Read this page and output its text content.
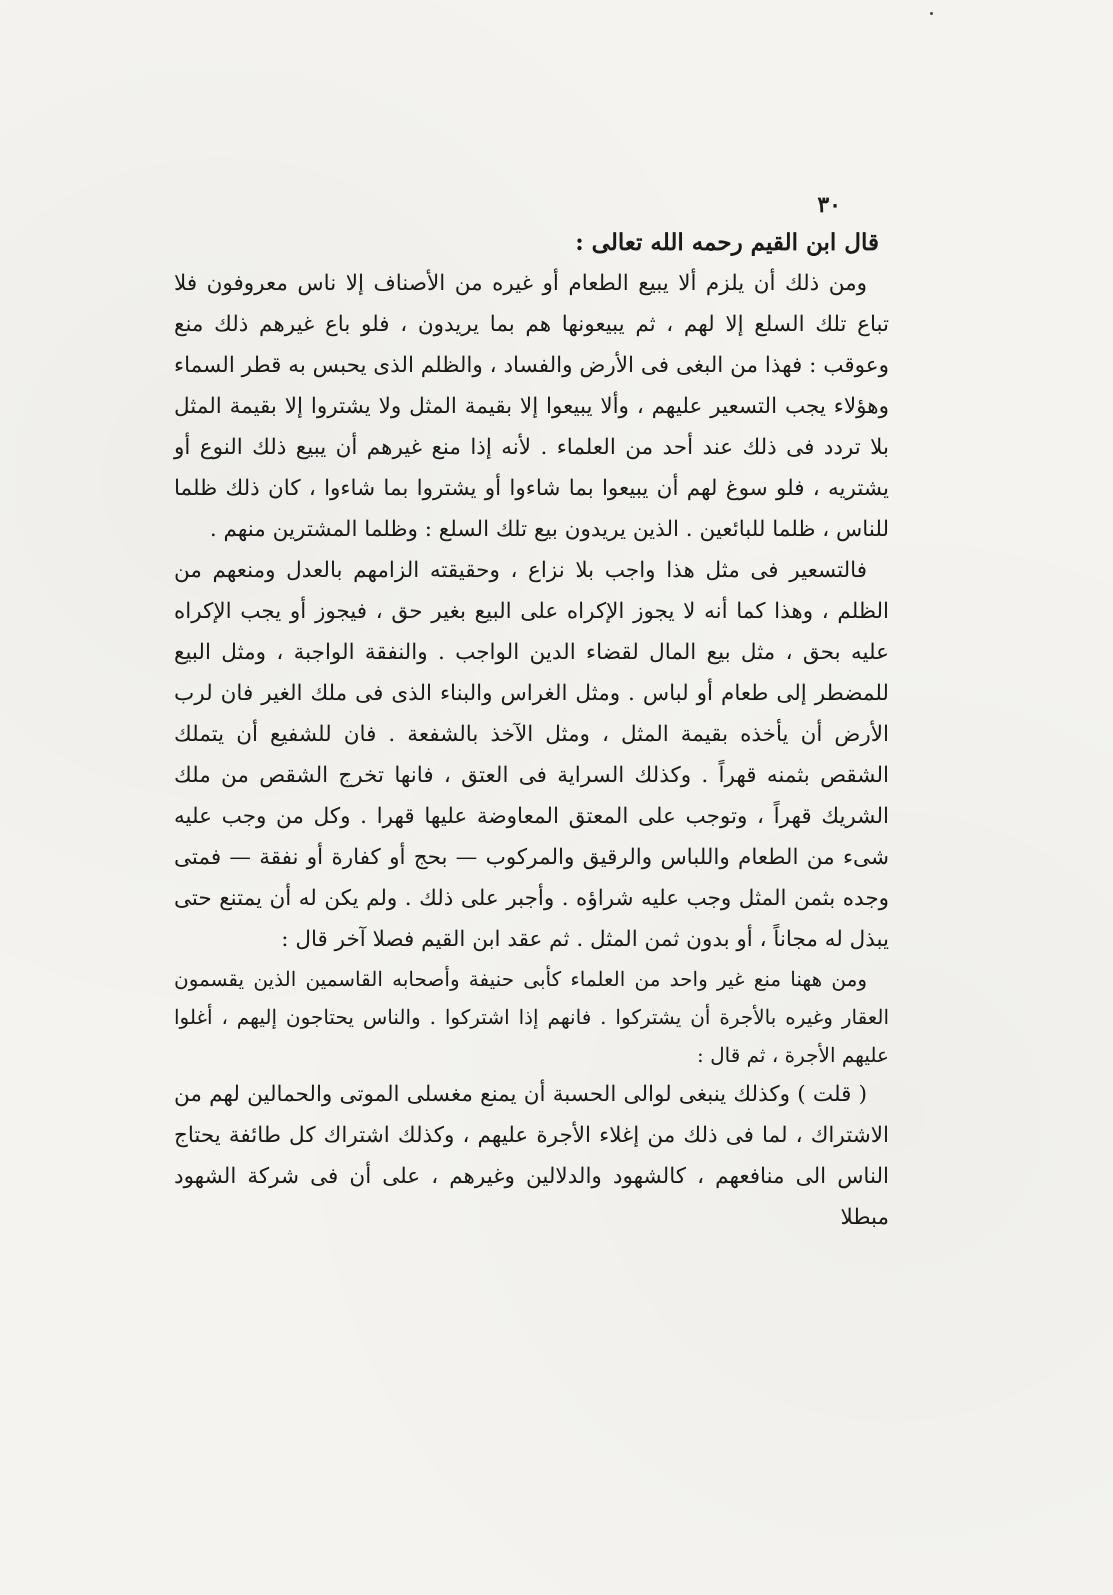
٣٠

قال ابن القيم رحمه الله تعالى :

ومن ذلك أن يلزم ألا يبيع الطعام أو غيره من الأصناف إلا ناس معروفون فلا تباع تلك السلع إلا لهم ، ثم يبيعونها هم بما يريدون ، فلو باع غيرهم ذلك منع وعوقب : فهذا من البغى فى الأرض والفساد ، والظلم الذى يحبس به قطر السماء وهؤلاء يجب التسعير عليهم ، وألا يبيعوا إلا بقيمة المثل ولا يشتروا إلا بقيمة المثل بلا تردد فى ذلك عند أحد من العلماء . لأنه إذا منع غيرهم أن يبيع ذلك النوع أو يشتريه ، فلو سوغ لهم أن يبيعوا بما شاءوا أو يشتروا بما شاءوا ، كان ذلك ظلما للناس ، ظلما للبائعين . الذين يريدون بيع تلك السلع : وظلما المشترين منهم .

فالتسعير فى مثل هذا واجب بلا نزاع ، وحقيقته الزامهم بالعدل ومنعهم من الظلم ، وهذا كما أنه لا يجوز الإكراه على البيع بغير حق ، فيجوز أو يجب الإكراه عليه بحق ، مثل بيع المال لقضاء الدين الواجب . والنفقة الواجبة ، ومثل البيع للمضطر إلى طعام أو لباس . ومثل الغراس والبناء الذى فى ملك الغير فان لرب الأرض أن يأخذه بقيمة المثل ، ومثل الآخذ بالشفعة . فان للشفيع أن يتملك الشقص بثمنه قهراً . وكذلك السراية فى العتق ، فانها تخرج الشقص من ملك الشريك قهراً ، وتوجب على المعتق المعاوضة عليها قهرا . وكل من وجب عليه شىء من الطعام واللباس والرقيق والمركوب — بحج أو كفارة أو نفقة — فمتى وجده بثمن المثل وجب عليه شراؤه . وأجبر على ذلك . ولم يكن له أن يمتنع حتى يبذل له مجاناً ، أو بدون ثمن المثل . ثم عقد ابن القيم فصلا آخر قال :

ومن ههنا منع غير واحد من العلماء كأبى حنيفة وأصحابه القاسمين الذين يقسمون العقار وغيره بالأجرة أن يشتركوا . فانهم إذا اشتركوا . والناس يحتاجون إليهم ، أغلوا عليهم الأجرة ، ثم قال :

( قلت ) وكذلك ينبغى لوالى الحسبة أن يمنع مغسلى الموتى والحمالين لهم من الاشتراك ، لما فى ذلك من إغلاء الأجرة عليهم ، وكذلك اشتراك كل طائفة يحتاج الناس الى منافعهم ، كالشهود والدلالين وغيرهم ، على أن فى شركة الشهود مبطلا
